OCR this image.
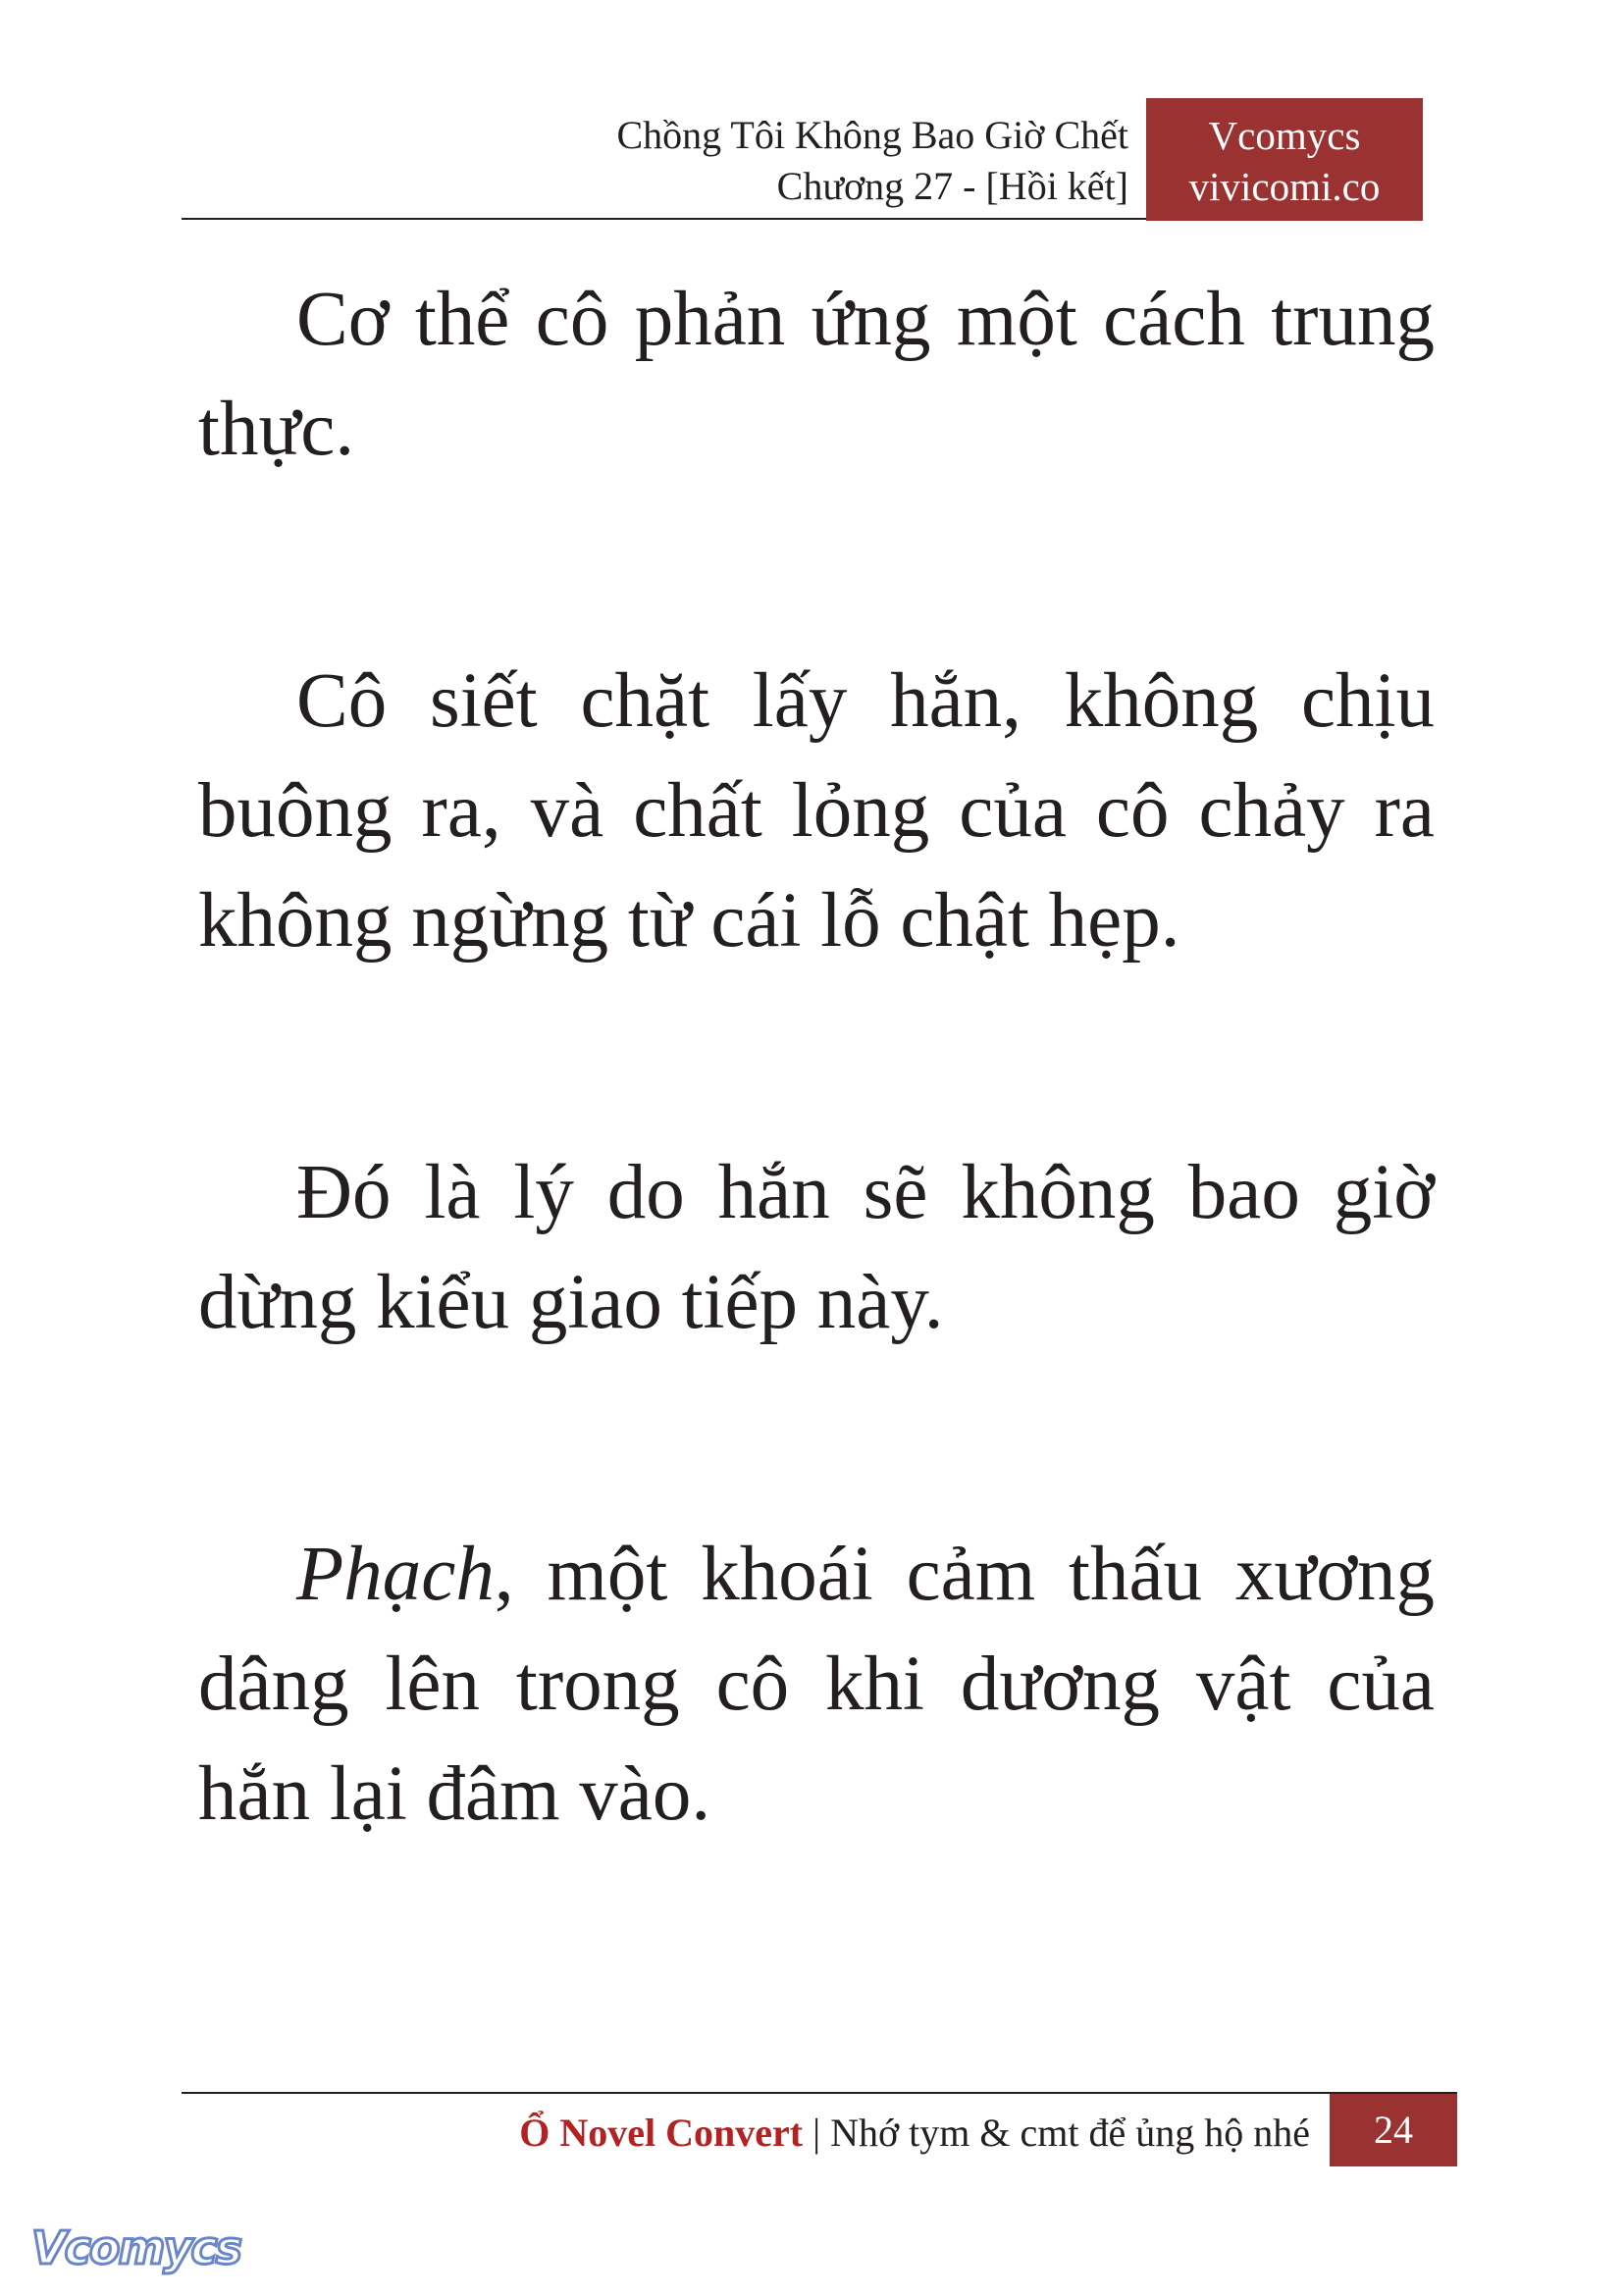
Chồng Tôi Không Bao Giờ Chết
Chương 27 - [Hồi kết]
Vcomycs
vivicomi.co

Cơ thể cô phản ứng một cách trung thực.

Cô siết chặt lấy hắn, không chịu buông ra, và chất lỏng của cô chảy ra không ngừng từ cái lỗ chật hẹp.

Đó là lý do hắn sẽ không bao giờ dừng kiểu giao tiếp này.

Phạch, một khoái cảm thấu xương dâng lên trong cô khi dương vật của hắn lại đâm vào.

Ổ Novel Convert | Nhớ tym & cmt để ủng hộ nhé	24
Vcomycs
